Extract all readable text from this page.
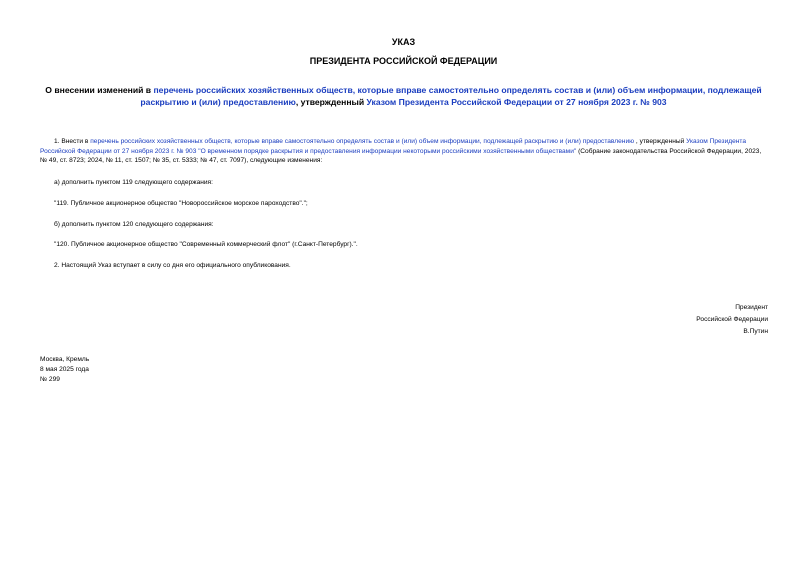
УКАЗ
ПРЕЗИДЕНТА РОССИЙСКОЙ ФЕДЕРАЦИИ
О внесении изменений в перечень российских хозяйственных обществ, которые вправе самостоятельно определять состав и (или) объем информации, подлежащей раскрытию и (или) предоставлению, утвержденный Указом Президента Российской Федерации от 27 ноября 2023 г. № 903
1. Внести в перечень российских хозяйственных обществ, которые вправе самостоятельно определять состав и (или) объем информации, подлежащей раскрытию и (или) предоставлению , утвержденный Указом Президента Российской Федерации от 27 ноября 2023 г. № 903 "О временном порядке раскрытия и предоставления информации некоторыми российскими хозяйственными обществами" (Собрание законодательства Российской Федерации, 2023, № 49, ст. 8723; 2024, № 11, ст. 1507; № 35, ст. 5333; № 47, ст. 7097), следующие изменения:
а) дополнить пунктом 119 следующего содержания:
"119. Публичное акционерное общество "Новороссийское морское пароходство".";
б) дополнить пунктом 120 следующего содержания:
"120. Публичное акционерное общество "Современный коммерческий флот" (г.Санкт-Петербург).".
2. Настоящий Указ вступает в силу со дня его официального опубликования.
Президент
Российской Федерации
В.Путин
Москва, Кремль
8 мая 2025 года
№ 299
